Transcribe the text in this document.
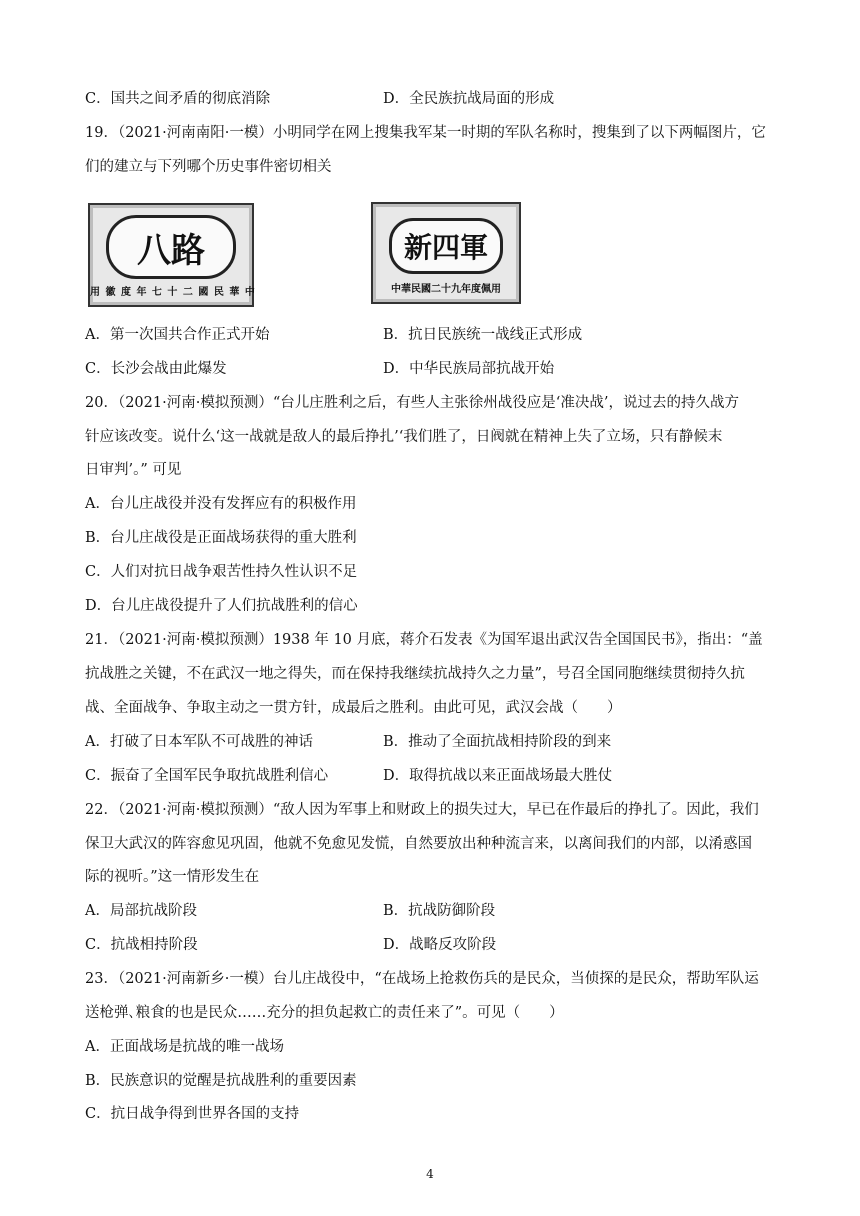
C．国共之间矛盾的彻底消除	D．全民族抗战局面的形成
19．（2021·河南南阳·一模）小明同学在网上搜集我军某一时期的军队名称时，搜集到了以下两幅图片，它
们的建立与下列哪个历史事件密切相关
八路
用 徽 度 年 七 十 二 國 民 華 中
新四軍
中華民國二十九年度佩用
A．第一次国共合作正式开始	B．抗日民族统一战线正式形成
C．长沙会战由此爆发	D．中华民族局部抗战开始
20．（2021·河南·模拟预测）“台儿庄胜利之后，有些人主张徐州战役应是‘准决战’，说过去的持久战方
针应该改变。说什么‘这一战就是敌人的最后挣扎’‘我们胜了，日阀就在精神上失了立场，只有静候末
日审判’。” 可见
A．台儿庄战役并没有发挥应有的积极作用
B．台儿庄战役是正面战场获得的重大胜利
C．人们对抗日战争艰苦性持久性认识不足
D．台儿庄战役提升了人们抗战胜利的信心
21．（2021·河南·模拟预测）1938 年 10 月底，蒋介石发表《为国军退出武汉告全国国民书》，指出：“盖
抗战胜之关键，不在武汉一地之得失，而在保持我继续抗战持久之力量”，号召全国同胞继续贯彻持久抗
战、全面战争、争取主动之一贯方针，成最后之胜利。由此可见，武汉会战（　　）
A．打破了日本军队不可战胜的神话	B．推动了全面抗战相持阶段的到来
C．振奋了全国军民争取抗战胜利信心	D．取得抗战以来正面战场最大胜仗
22．（2021·河南·模拟预测）“敌人因为军事上和财政上的损失过大，早已在作最后的挣扎了。因此，我们
保卫大武汉的阵容愈见巩固，他就不免愈见发慌，自然要放出种种流言来，以离间我们的内部，以淆惑国
际的视听。”这一情形发生在
A．局部抗战阶段	B．抗战防御阶段
C．抗战相持阶段	D．战略反攻阶段
23．（2021·河南新乡·一模）台儿庄战役中，“在战场上抢救伤兵的是民众，当侦探的是民众，帮助军队运
送枪弹､粮食的也是民众……充分的担负起救亡的责任来了”。可见（　　）
A．正面战场是抗战的唯一战场
B．民族意识的觉醒是抗战胜利的重要因素
C．抗日战争得到世界各国的支持
4
